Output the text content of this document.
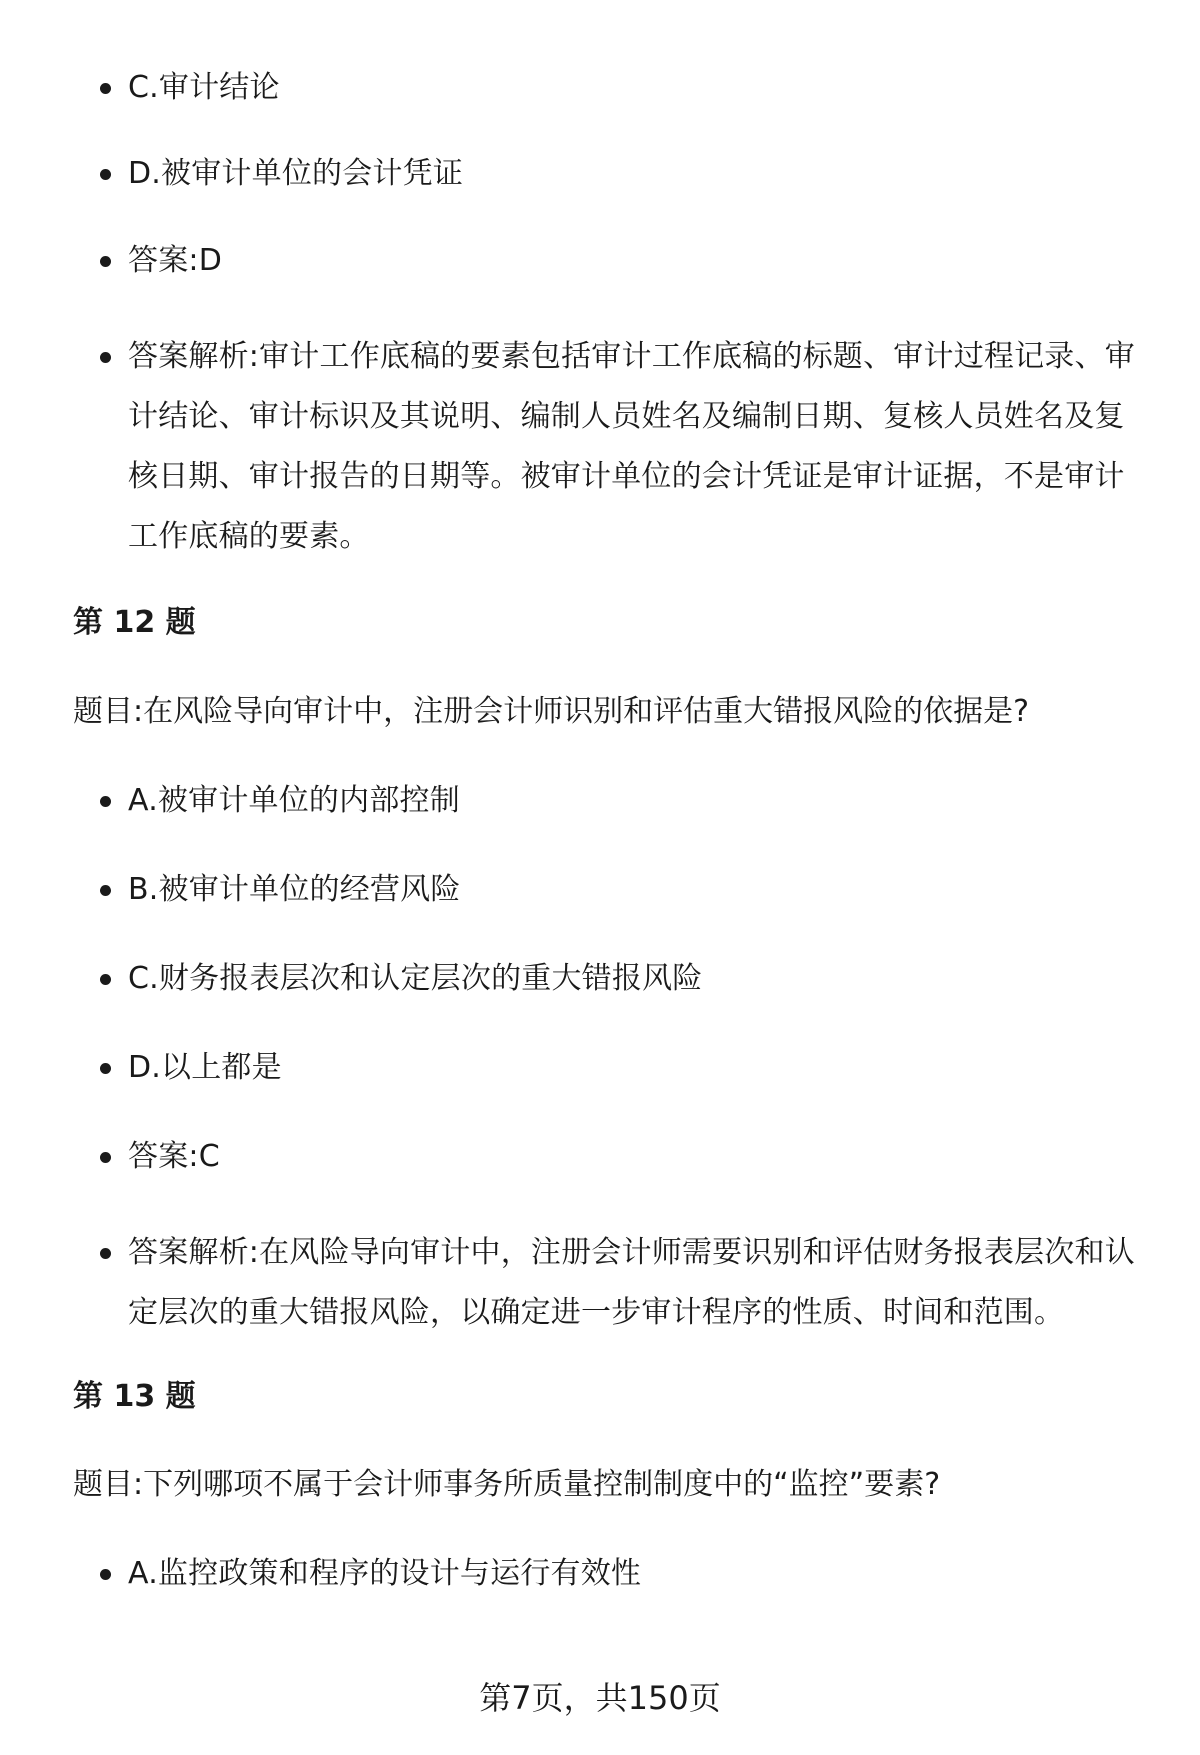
C.审计结论
D.被审计单位的会计凭证
答案:D
答案解析:审计工作底稿的要素包括审计工作底稿的标题、审计过程记录、审计结论、审计标识及其说明、编制人员姓名及编制日期、复核人员姓名及复核日期、审计报告的日期等。被审计单位的会计凭证是审计证据，不是审计工作底稿的要素。
第 12 题
题目:在风险导向审计中，注册会计师识别和评估重大错报风险的依据是?
A.被审计单位的内部控制
B.被审计单位的经营风险
C.财务报表层次和认定层次的重大错报风险
D.以上都是
答案:C
答案解析:在风险导向审计中，注册会计师需要识别和评估财务报表层次和认定层次的重大错报风险，以确定进一步审计程序的性质、时间和范围。
第 13 题
题目:下列哪项不属于会计师事务所质量控制制度中的“监控”要素?
A.监控政策和程序的设计与运行有效性
第7页，共150页
